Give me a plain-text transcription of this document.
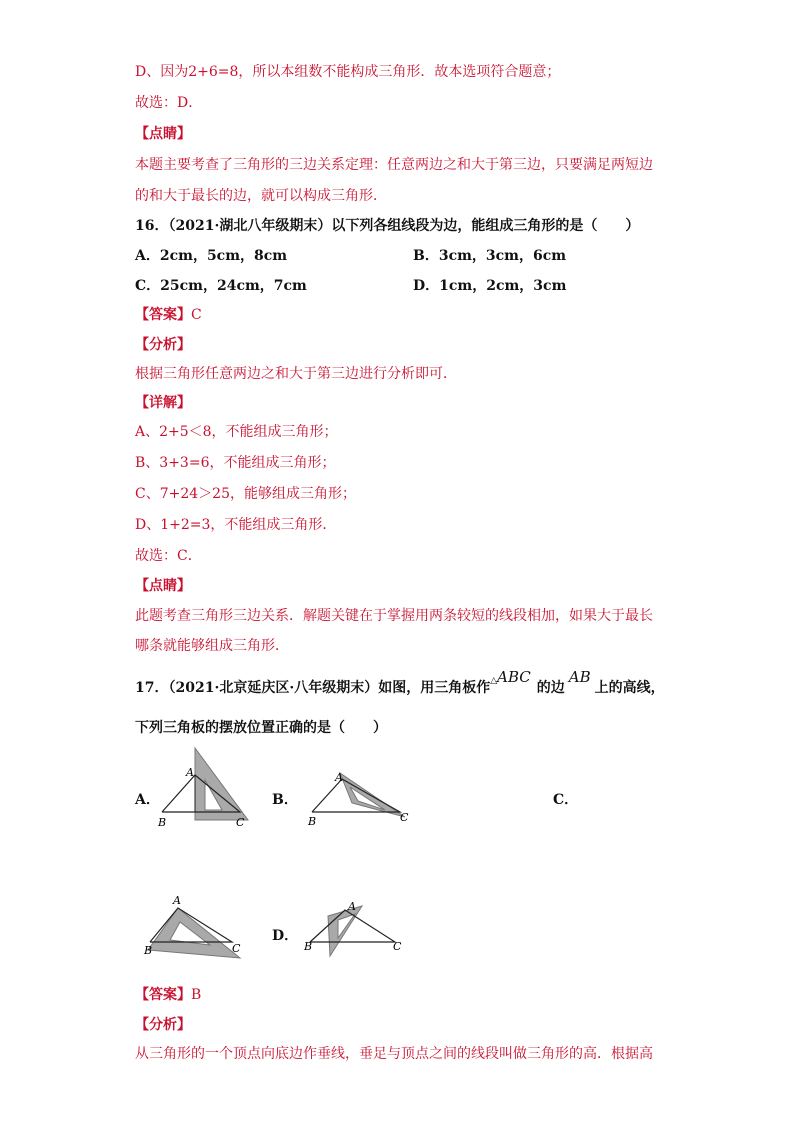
D、因为2+6=8，所以本组数不能构成三角形．故本选项符合题意；
故选：D．
【点睛】
本题主要考查了三角形的三边关系定理：任意两边之和大于第三边，只要满足两短边
的和大于最长的边，就可以构成三角形．
16．（2021·湖北八年级期末）以下列各组线段为边，能组成三角形的是（　　）
A．2cm，5cm，8cm	B．3cm，3cm，6cm
C．25cm，24cm，7cm	D．1cm，2cm，3cm
【答案】C
【分析】
根据三角形任意两边之和大于第三边进行分析即可．
【详解】
A、2+5＜8，不能组成三角形；
B、3+3=6，不能组成三角形；
C、7+24＞25，能够组成三角形；
D、1+2=3，不能组成三角形．
故选：C．
【点睛】
此题考查三角形三边关系．解题关键在于掌握用两条较短的线段相加，如果大于最长
哪条就能够组成三角形．
17．（2021·北京延庆区·八年级期末）如图，用三角板作△ABC的边AB上的高线，
下列三角板的摆放位置正确的是（　　）
A．
A
B	C
B．
A
B	C
C．
A
B	C
D．
A
B	C
【答案】B
【分析】
从三角形的一个顶点向底边作垂线，垂足与顶点之间的线段叫做三角形的高．根据高
